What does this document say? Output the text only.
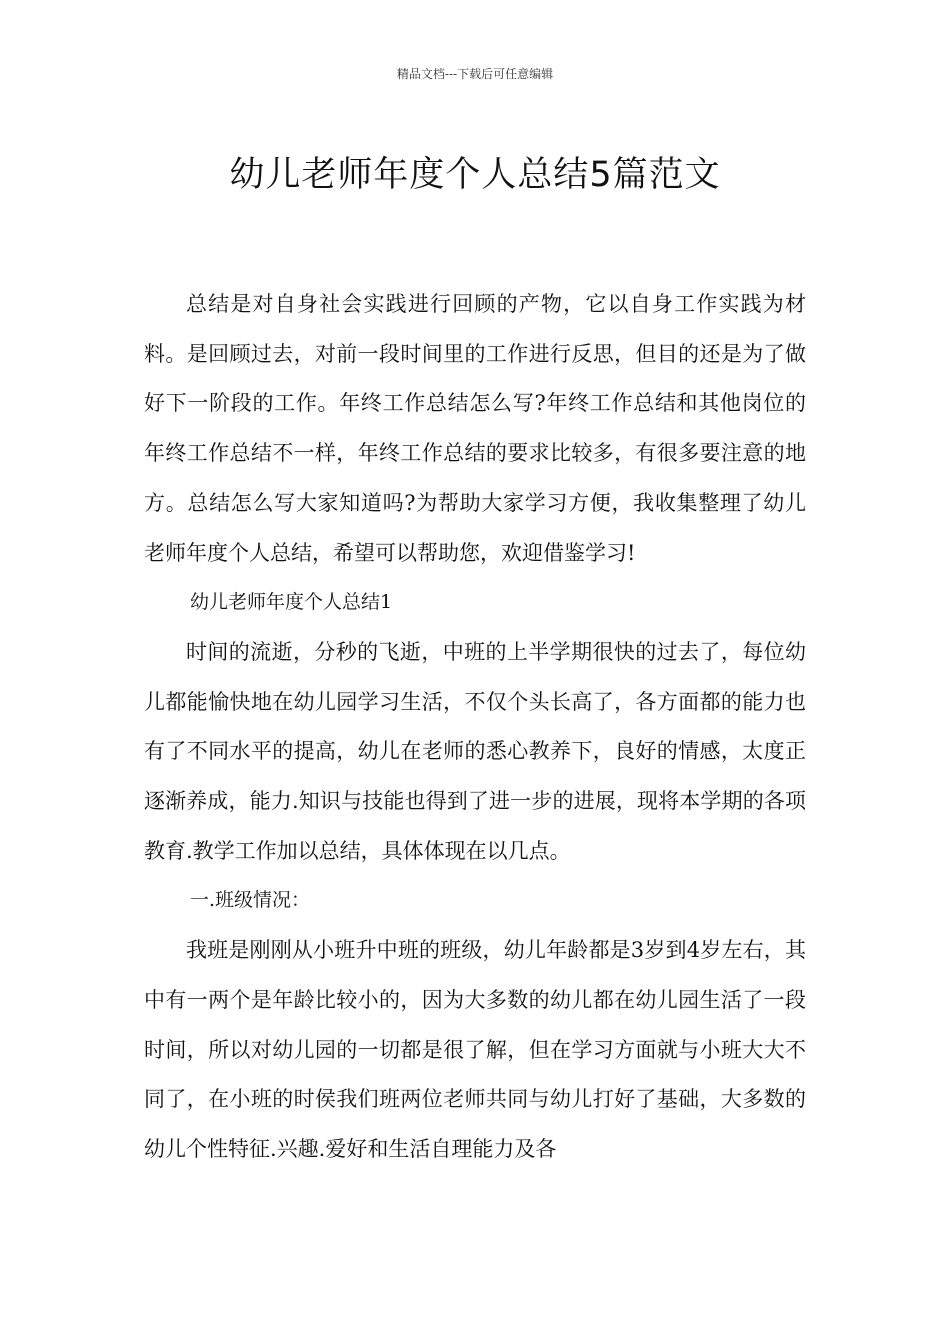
精品文档---下载后可任意编辑
幼儿老师年度个人总结5篇范文

总结是对自身社会实践进行回顾的产物，它以自身工作实践为材料。是回顾过去，对前一段时间里的工作进行反思，但目的还是为了做好下一阶段的工作。年终工作总结怎么写?年终工作总结和其他岗位的年终工作总结不一样，年终工作总结的要求比较多，有很多要注意的地方。总结怎么写大家知道吗?为帮助大家学习方便，我收集整理了幼儿老师年度个人总结，希望可以帮助您，欢迎借鉴学习!

幼儿老师年度个人总结1

时间的流逝，分秒的飞逝，中班的上半学期很快的过去了，每位幼儿都能愉快地在幼儿园学习生活，不仅个头长高了，各方面都的能力也有了不同水平的提高，幼儿在老师的悉心教养下，良好的情感，太度正逐渐养成，能力.知识与技能也得到了进一步的进展，现将本学期的各项教育.教学工作加以总结，具体体现在以几点。

一.班级情况：

我班是刚刚从小班升中班的班级，幼儿年龄都是3岁到4岁左右，其中有一两个是年龄比较小的，因为大多数的幼儿都在幼儿园生活了一段时间，所以对幼儿园的一切都是很了解，但在学习方面就与小班大大不同了，在小班的时侯我们班两位老师共同与幼儿打好了基础，大多数的幼儿个性特征.兴趣.爱好和生活自理能力及各
